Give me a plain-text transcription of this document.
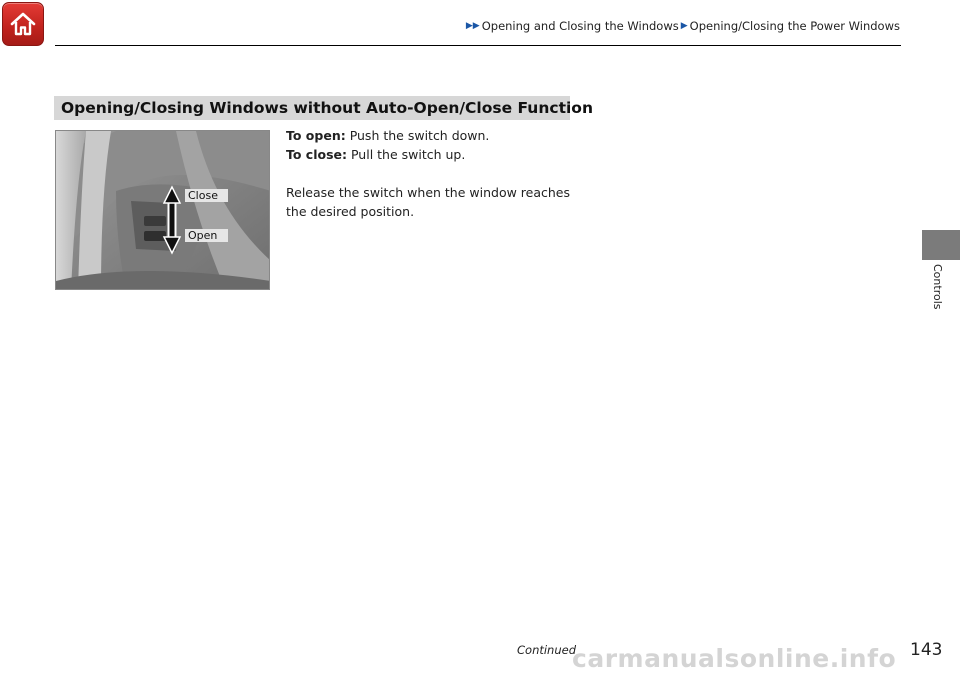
▶▶ Opening and Closing the Windows ▶ Opening/Closing the Power Windows
Opening/Closing Windows without Auto-Open/Close Function
Close
Open

To open: Push the switch down.

To close: Pull the switch up.

Release the switch when the window reaches

the desired position.

Controls
carmanualsonline.info
Continued	143
